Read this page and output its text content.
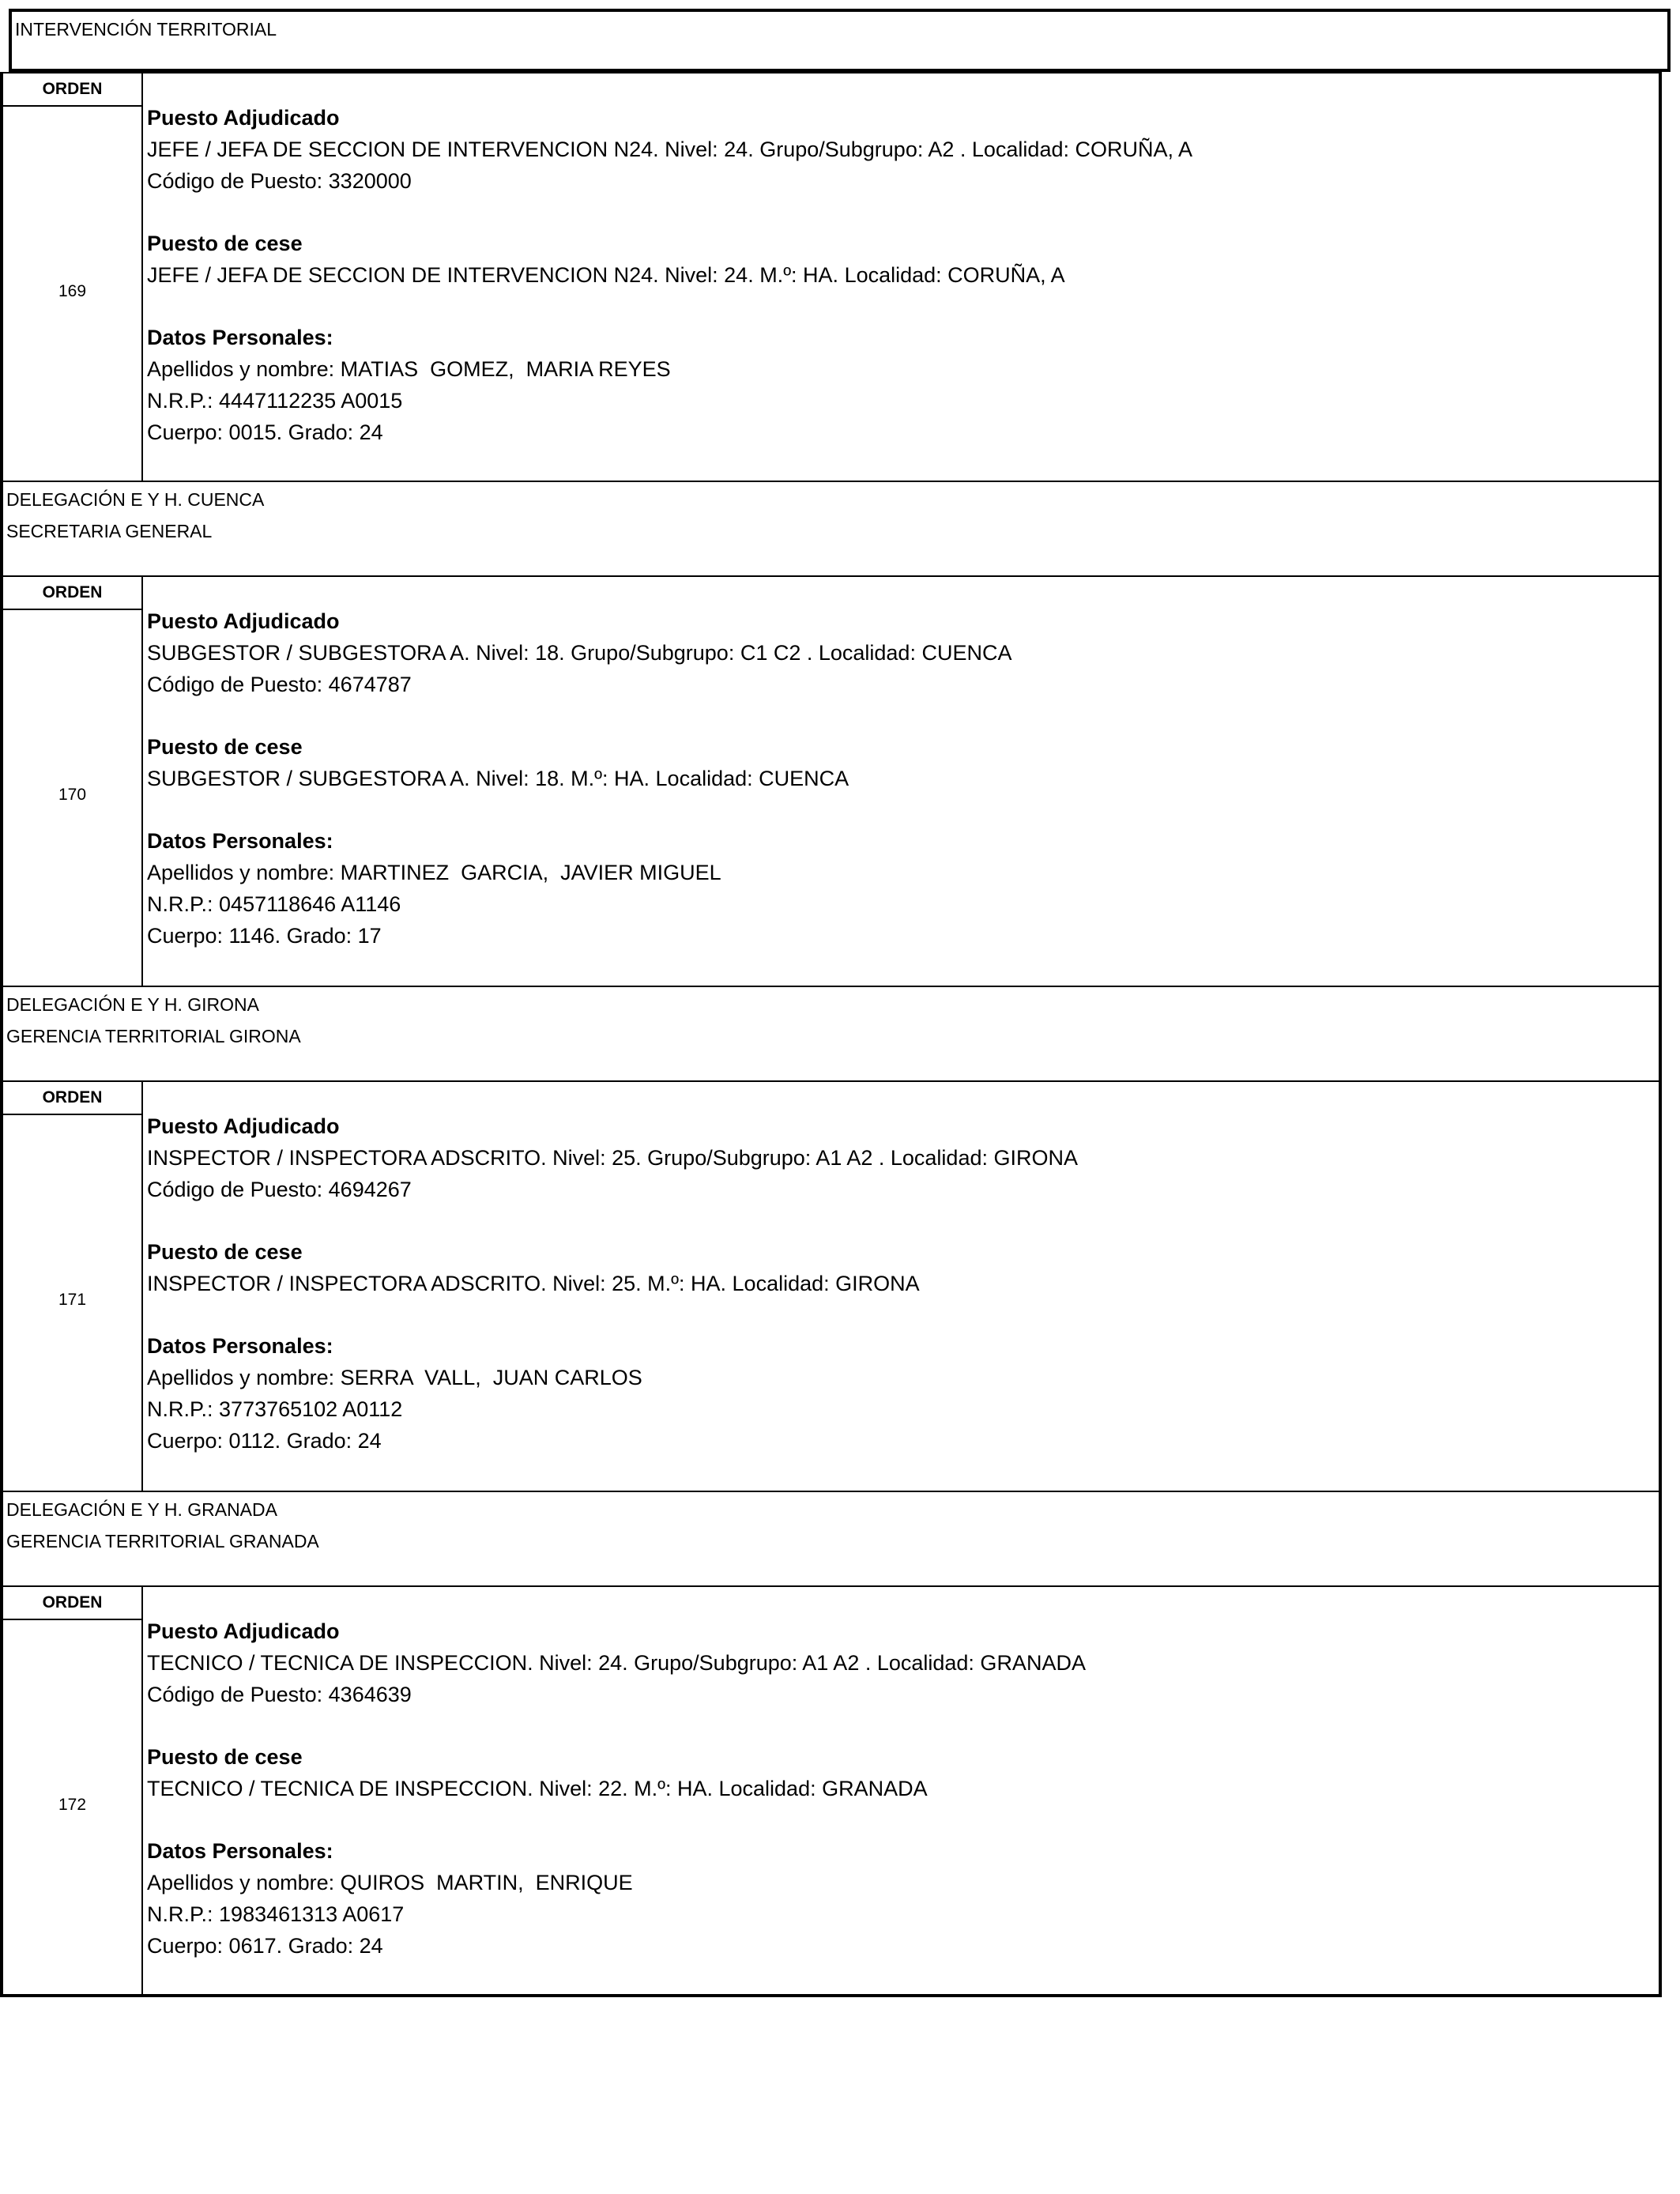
INTERVENCIÓN TERRITORIAL
ORDEN
169
Puesto Adjudicado
JEFE / JEFA DE SECCION DE INTERVENCION N24. Nivel: 24. Grupo/Subgrupo: A2 . Localidad: CORUÑA, A
Código de Puesto: 3320000
Puesto de cese
JEFE / JEFA DE SECCION DE INTERVENCION N24. Nivel: 24. M.º: HA. Localidad: CORUÑA, A
Datos Personales:
Apellidos y nombre: MATIAS  GOMEZ,  MARIA REYES
N.R.P.: 4447112235 A0015
Cuerpo: 0015. Grado: 24
DELEGACIÓN E Y H. CUENCA
SECRETARIA GENERAL
ORDEN
170
Puesto Adjudicado
SUBGESTOR / SUBGESTORA A. Nivel: 18. Grupo/Subgrupo: C1 C2 . Localidad: CUENCA
Código de Puesto: 4674787
Puesto de cese
SUBGESTOR / SUBGESTORA A. Nivel: 18. M.º: HA. Localidad: CUENCA
Datos Personales:
Apellidos y nombre: MARTINEZ  GARCIA,  JAVIER MIGUEL
N.R.P.: 0457118646 A1146
Cuerpo: 1146. Grado: 17
DELEGACIÓN E Y H. GIRONA
GERENCIA TERRITORIAL GIRONA
ORDEN
171
Puesto Adjudicado
INSPECTOR / INSPECTORA ADSCRITO. Nivel: 25. Grupo/Subgrupo: A1 A2 . Localidad: GIRONA
Código de Puesto: 4694267
Puesto de cese
INSPECTOR / INSPECTORA ADSCRITO. Nivel: 25. M.º: HA. Localidad: GIRONA
Datos Personales:
Apellidos y nombre: SERRA  VALL,  JUAN CARLOS
N.R.P.: 3773765102 A0112
Cuerpo: 0112. Grado: 24
DELEGACIÓN E Y H. GRANADA
GERENCIA TERRITORIAL GRANADA
ORDEN
172
Puesto Adjudicado
TECNICO / TECNICA DE INSPECCION. Nivel: 24. Grupo/Subgrupo: A1 A2 . Localidad: GRANADA
Código de Puesto: 4364639
Puesto de cese
TECNICO / TECNICA DE INSPECCION. Nivel: 22. M.º: HA. Localidad: GRANADA
Datos Personales:
Apellidos y nombre: QUIROS  MARTIN,  ENRIQUE
N.R.P.: 1983461313 A0617
Cuerpo: 0617. Grado: 24
